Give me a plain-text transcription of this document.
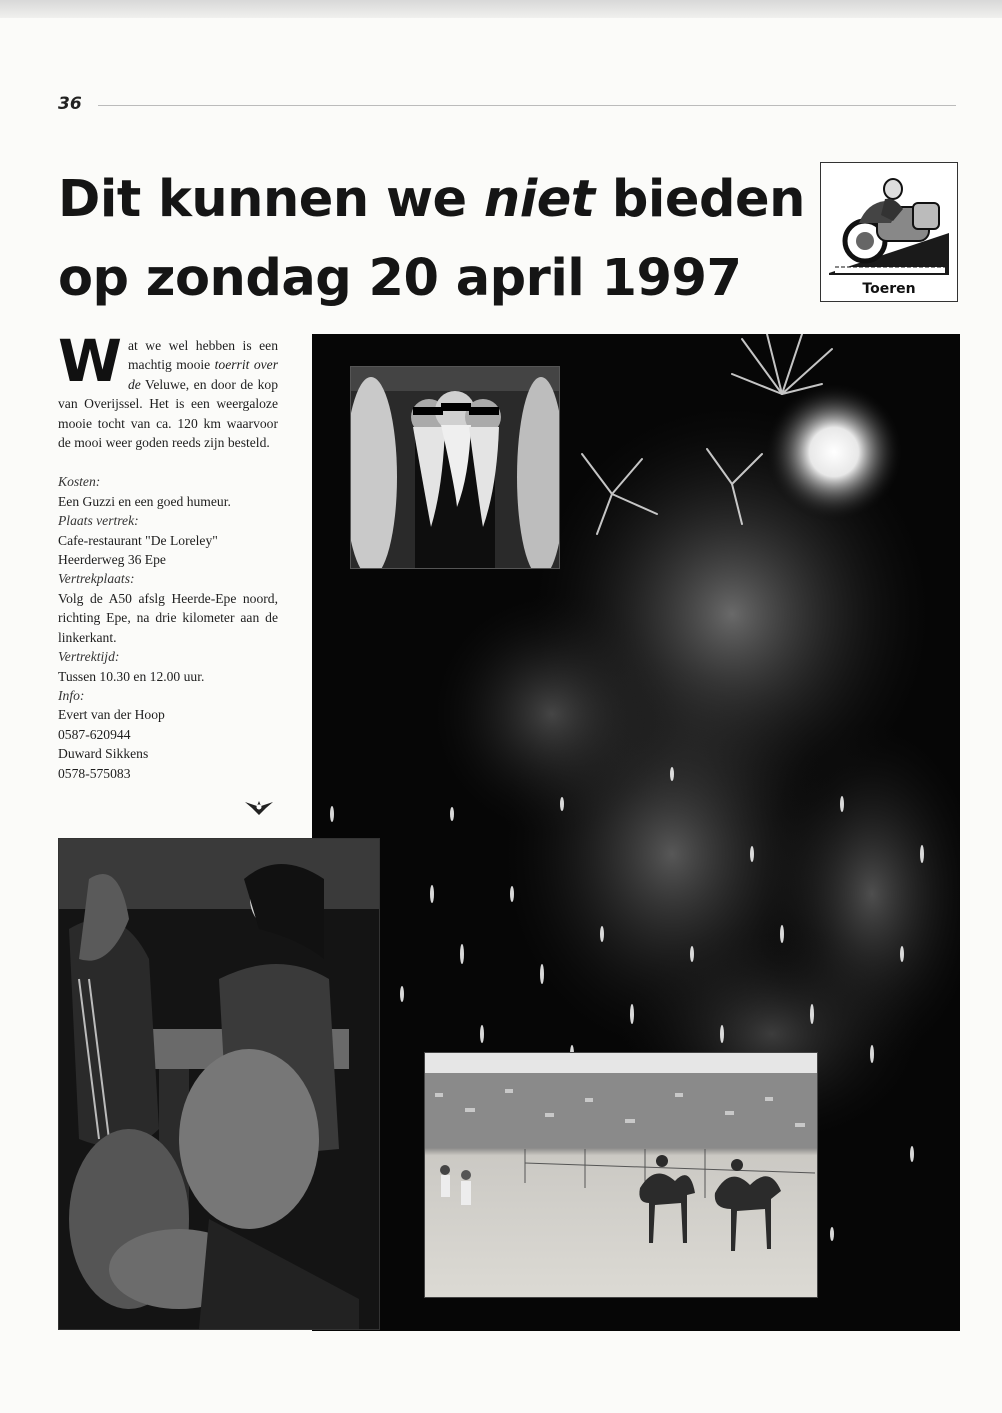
36
Dit kunnen we niet bieden
op zondag 20 april 1997	Toeren

Wat we wel hebben is een machtig mooie toerrit over de Veluwe, en door de kop van Overijssel. Het is een weergaloze mooie tocht van ca. 120 km waarvoor de mooi weer goden reeds zijn besteld.

Kosten:
Een Guzzi en een goed humeur.
Plaats vertrek:
Cafe-restaurant "De Loreley"
Heerderweg 36 Epe
Vertrekplaats:
Volg de A50 afslg Heerde-Epe noord, richting Epe, na drie kilometer aan de linkerkant.
Vertrektijd:
Tussen 10.30 en 12.00 uur.
Info:
Evert van der Hoop
0587-620944
Duward Sikkens
0578-575083
